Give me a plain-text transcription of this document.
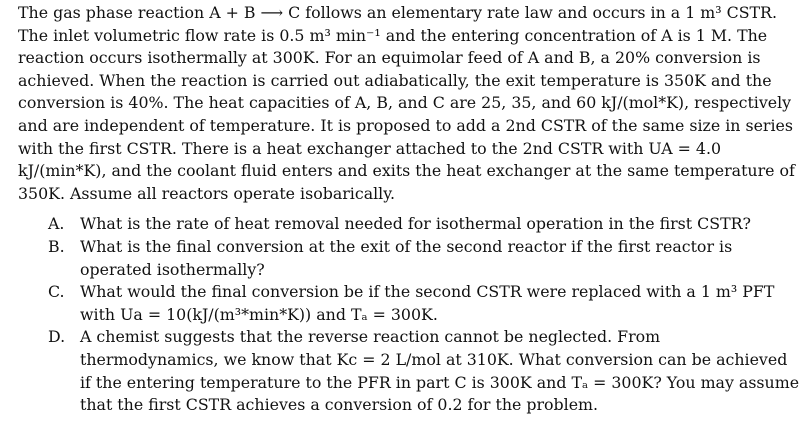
The gas phase reaction A + B ⟶ C follows an elementary rate law and occurs in a 1 m³ CSTR.
The inlet volumetric flow rate is 0.5 m³ min⁻¹ and the entering concentration of A is 1 M. The
reaction occurs isothermally at 300K. For an equimolar feed of A and B, a 20% conversion is
achieved. When the reaction is carried out adiabatically, the exit temperature is 350K and the
conversion is 40%. The heat capacities of A, B, and C are 25, 35, and 60 kJ/(mol*K), respectively
and are independent of temperature. It is proposed to add a 2nd CSTR of the same size in series
with the first CSTR. There is a heat exchanger attached to the 2nd CSTR with UA = 4.0
kJ/(min*K), and the coolant fluid enters and exits the heat exchanger at the same temperature of
350K. Assume all reactors operate isobarically.
A. What is the rate of heat removal needed for isothermal operation in the first CSTR?
B. What is the final conversion at the exit of the second reactor if the first reactor is
operated isothermally?
C. What would the final conversion be if the second CSTR were replaced with a 1 m³ PFT
with Ua = 10(kJ/(m³*min*K)) and Tₐ = 300K.
D. A chemist suggests that the reverse reaction cannot be neglected. From
thermodynamics, we know that Kc = 2 L/mol at 310K. What conversion can be achieved
if the entering temperature to the PFR in part C is 300K and Tₐ = 300K? You may assume
that the first CSTR achieves a conversion of 0.2 for the problem.
